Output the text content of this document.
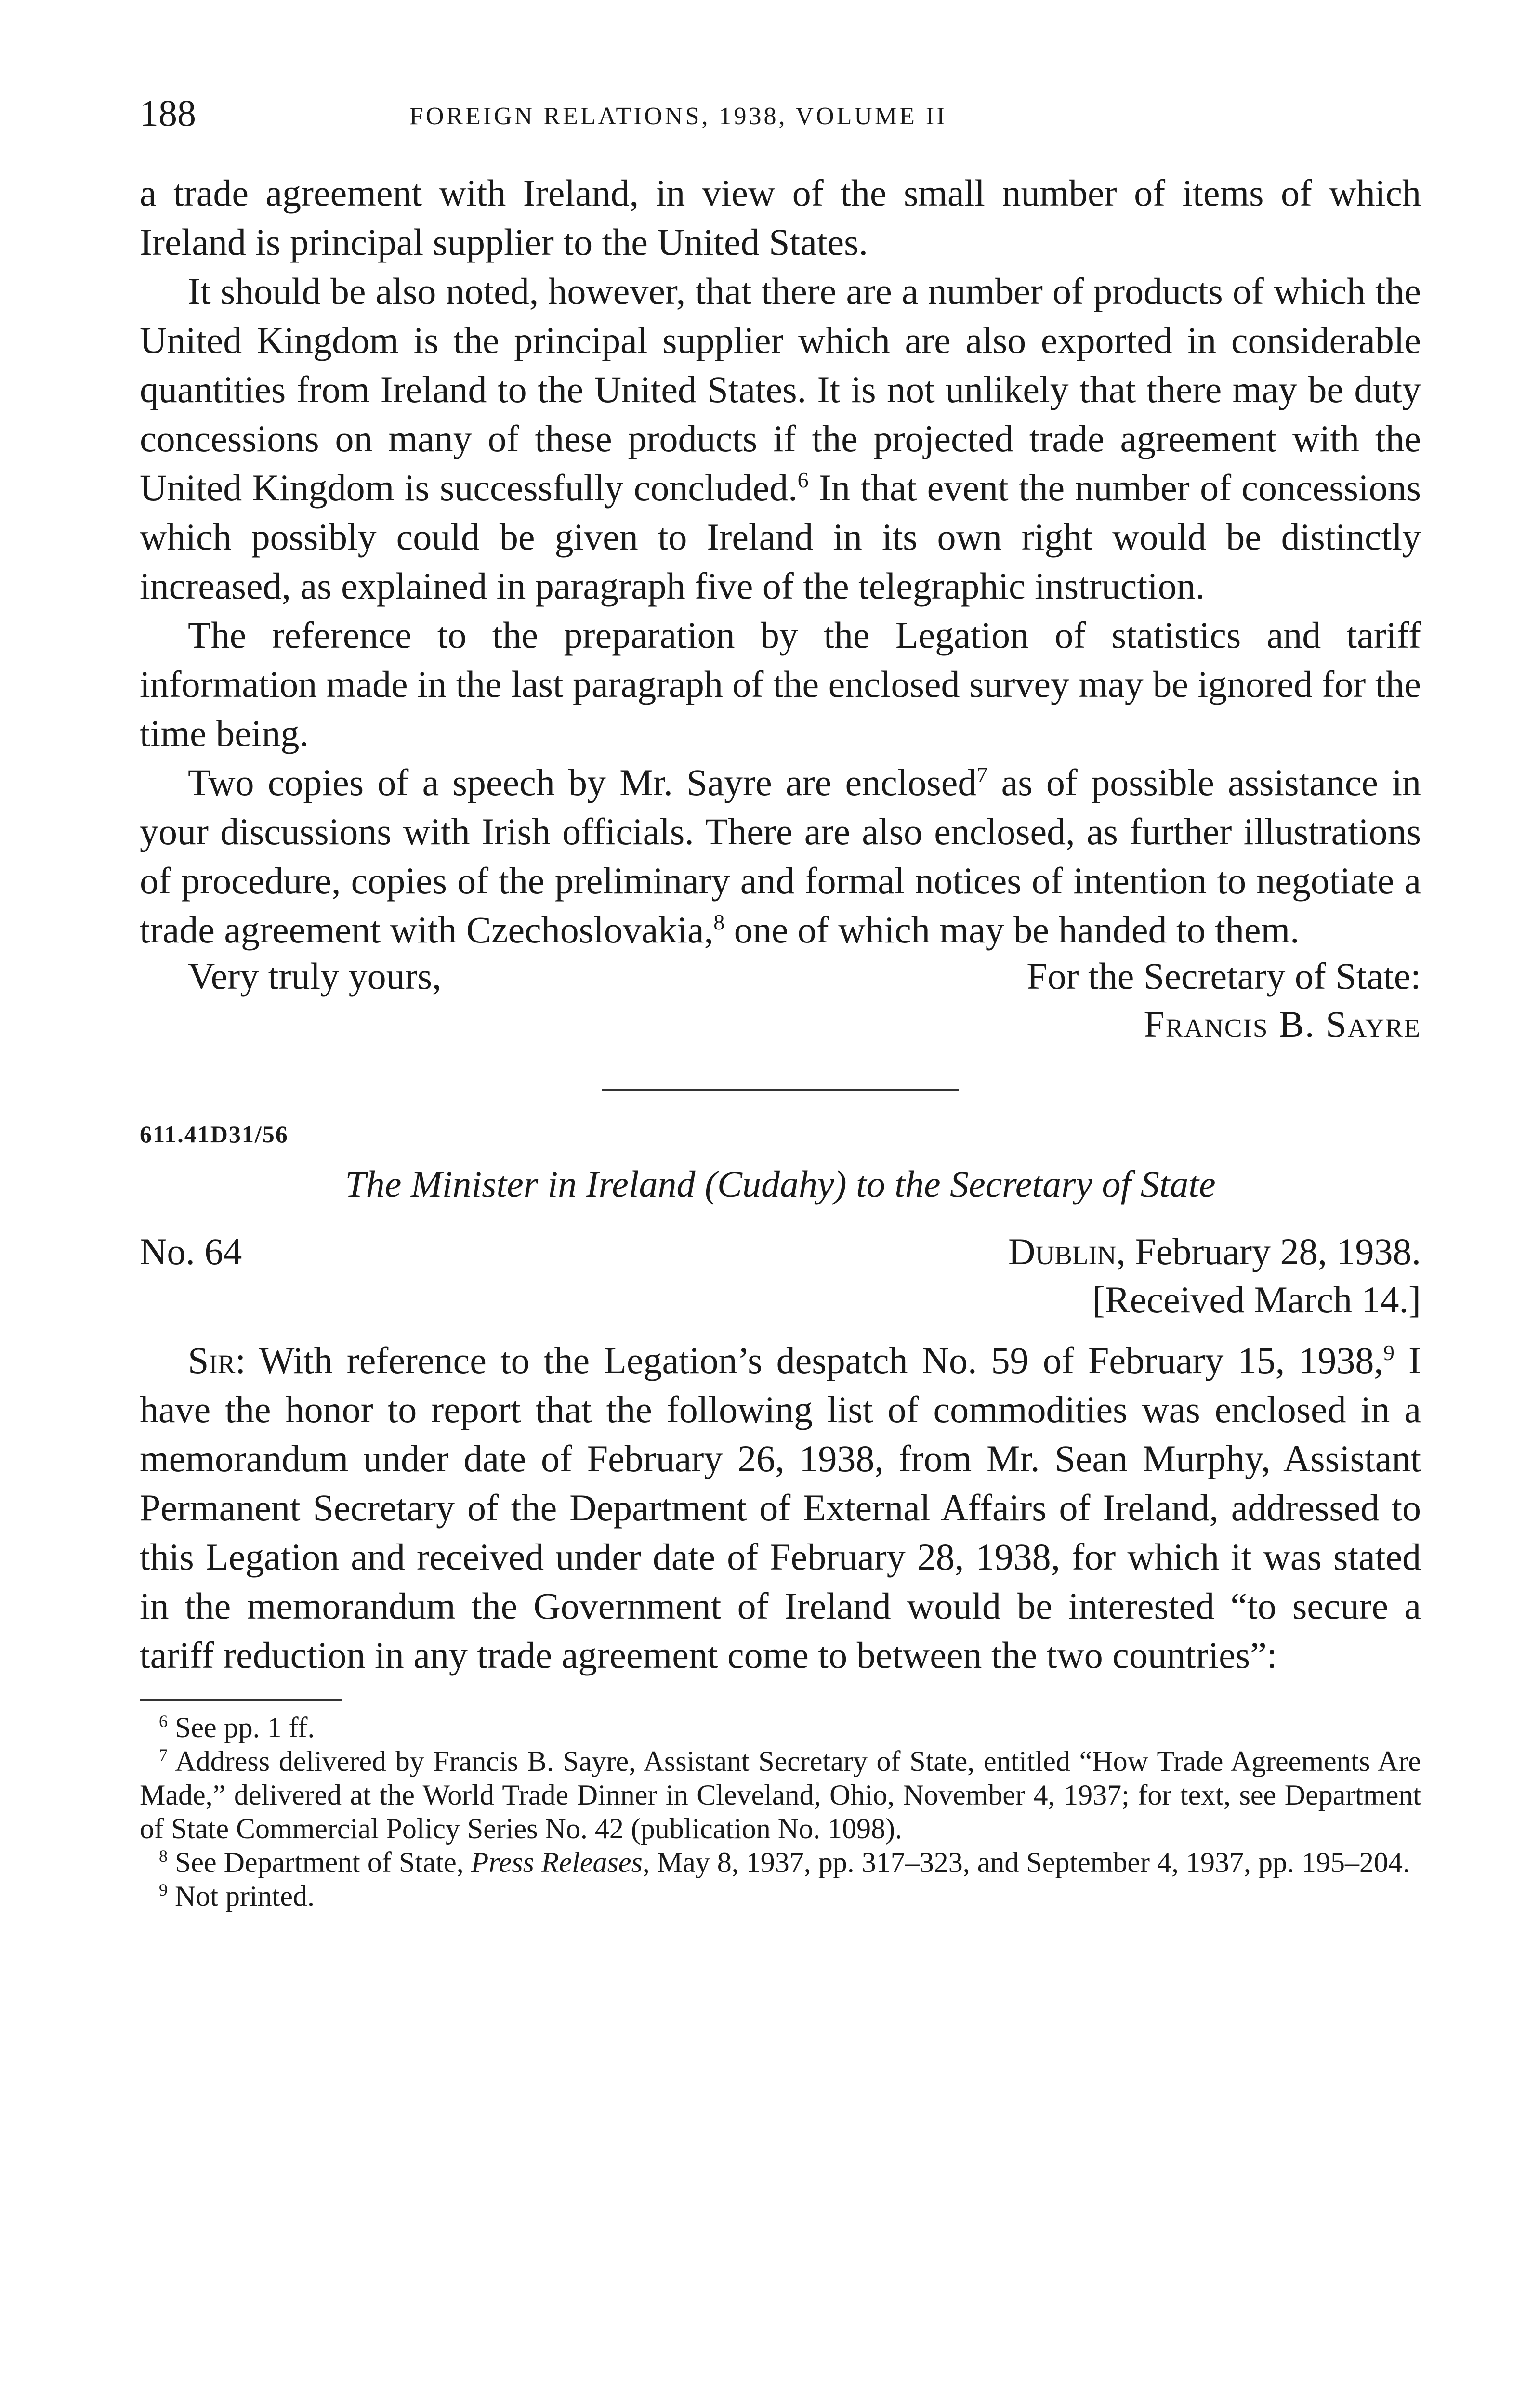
188	FOREIGN RELATIONS, 1938, VOLUME II

a trade agreement with Ireland, in view of the small number of items of which Ireland is principal supplier to the United States.

It should be also noted, however, that there are a number of products of which the United Kingdom is the principal supplier which are also exported in considerable quantities from Ireland to the United States. It is not unlikely that there may be duty concessions on many of these products if the projected trade agreement with the United Kingdom is successfully concluded.$^6$ In that event the number of concessions which possibly could be given to Ireland in its own right would be distinctly increased, as explained in paragraph five of the telegraphic instruction.

The reference to the preparation by the Legation of statistics and tariff information made in the last paragraph of the enclosed survey may be ignored for the time being.

Two copies of a speech by Mr. Sayre are enclosed$^7$ as of possible assistance in your discussions with Irish officials. There are also enclosed, as further illustrations of procedure, copies of the preliminary and formal notices of intention to negotiate a trade agreement with Czechoslovakia,$^8$ one of which may be handed to them.

Very truly yours,	For the Secretary of State:
Francis B. Sayre
611.41D31/56
The Minister in Ireland (Cudahy) to the Secretary of State
No. 64	Dublin, February 28, 1938.
[Received March 14.]

Sir: With reference to the Legation’s despatch No. 59 of February 15, 1938,$^9$ I have the honor to report that the following list of commodities was enclosed in a memorandum under date of February 26, 1938, from Mr. Sean Murphy, Assistant Permanent Secretary of the Department of External Affairs of Ireland, addressed to this Legation and received under date of February 28, 1938, for which it was stated in the memorandum the Government of Ireland would be interested “to secure a tariff reduction in any trade agreement come to between the two countries”:

$^6$ See pp. 1 ff.

$^7$ Address delivered by Francis B. Sayre, Assistant Secretary of State, entitled “How Trade Agreements Are Made,” delivered at the World Trade Dinner in Cleveland, Ohio, November 4, 1937; for text, see Department of State Commercial Policy Series No. 42 (publication No. 1098).

$^8$ See Department of State, Press Releases, May 8, 1937, pp. 317–323, and September 4, 1937, pp. 195–204.

$^9$ Not printed.
